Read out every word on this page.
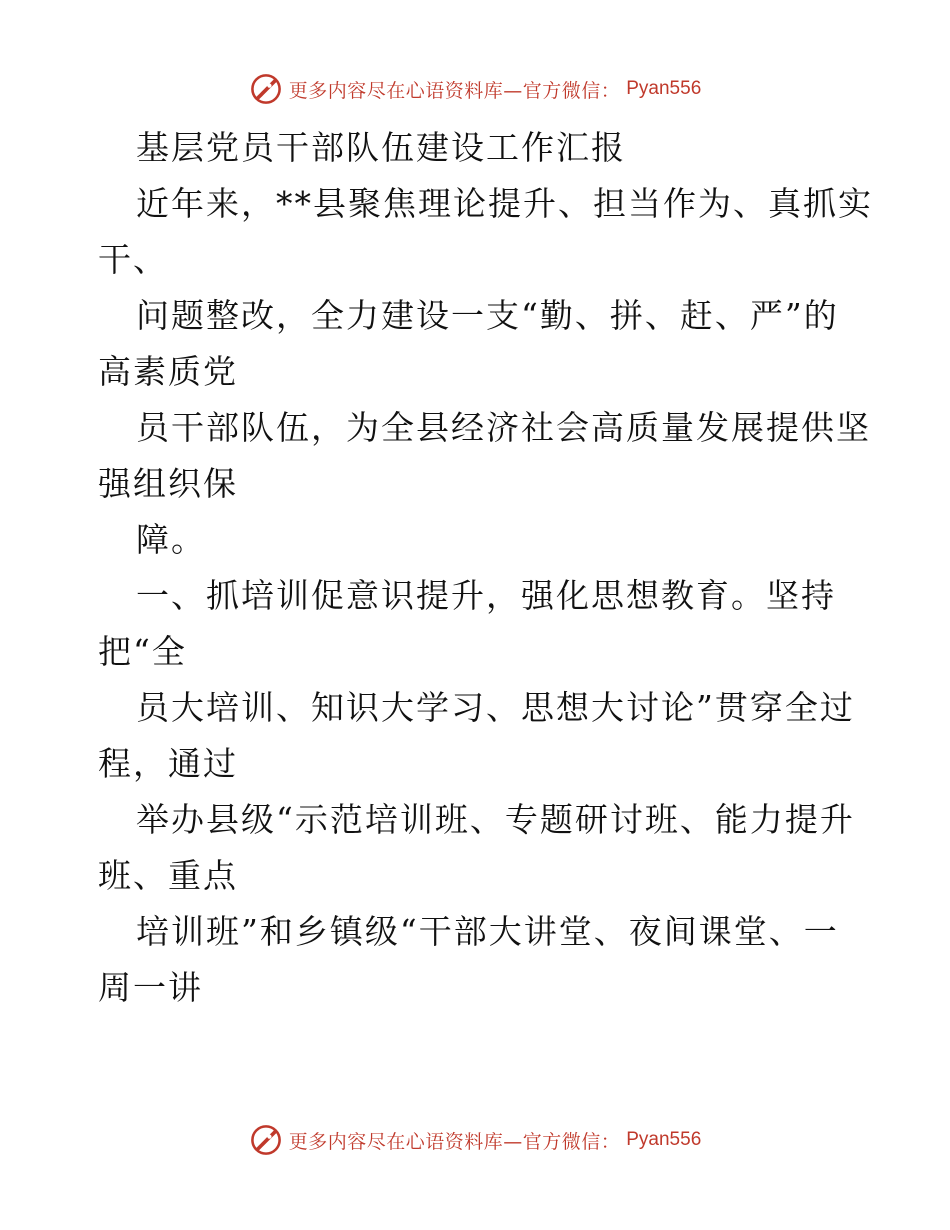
更多内容尽在心语资料库—官方微信： Pyan556
基层党员干部队伍建设工作汇报
近年来，**县聚焦理论提升、担当作为、真抓实
干、
问题整改，全力建设一支“勤、拼、赶、严”的
高素质党
员干部队伍，为全县经济社会高质量发展提供坚
强组织保
障。
一、抓培训促意识提升，强化思想教育。坚持
把“全
员大培训、知识大学习、思想大讨论”贯穿全过
程，通过
举办县级“示范培训班、专题研讨班、能力提升
班、重点
培训班”和乡镇级“干部大讲堂、夜间课堂、一
周一讲
更多内容尽在心语资料库—官方微信： Pyan556
